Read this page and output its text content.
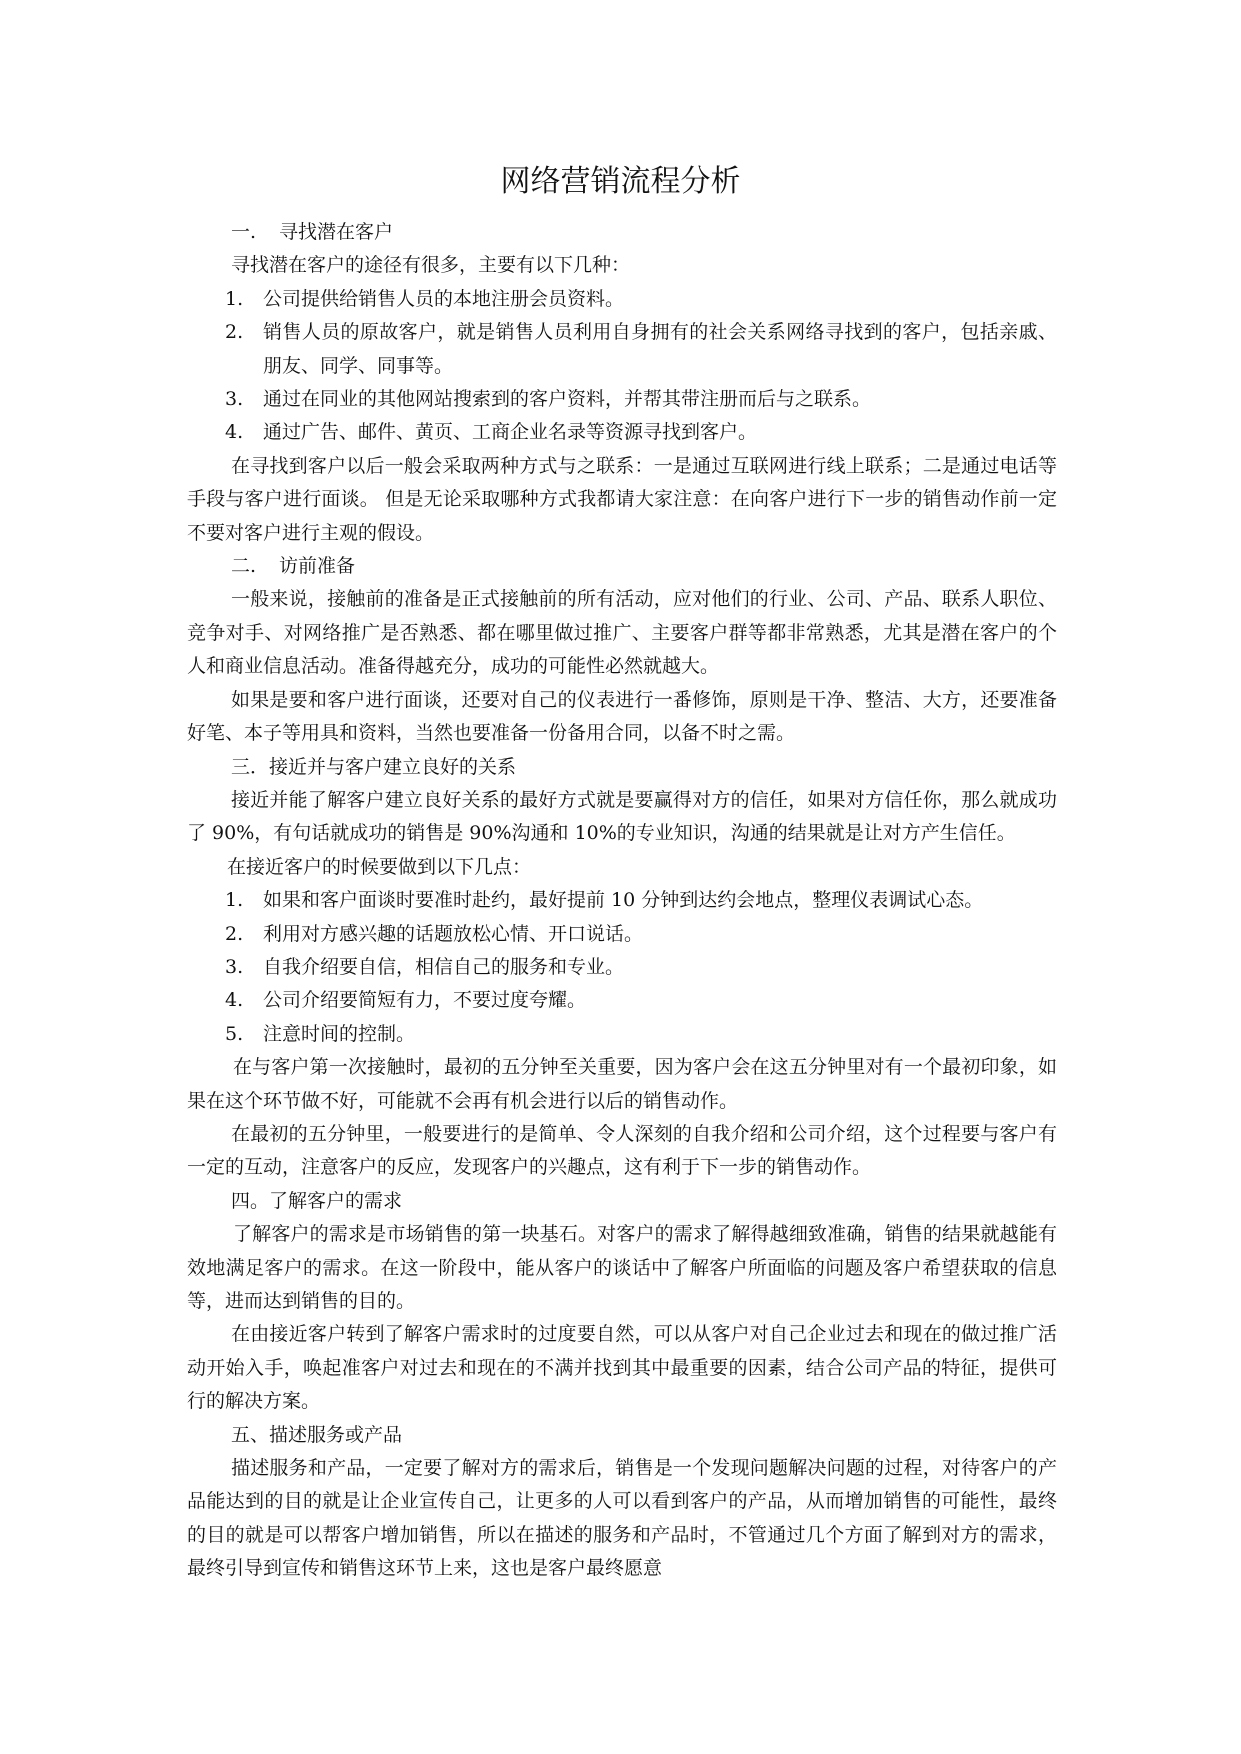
网络营销流程分析

一. 寻找潜在客户

寻找潜在客户的途径有很多，主要有以下几种：

1.	公司提供给销售人员的本地注册会员资料。
2.	销售人员的原故客户，就是销售人员利用自身拥有的社会关系网络寻找到的客户，包括亲戚、朋友、同学、同事等。
3.	通过在同业的其他网站搜索到的客户资料，并帮其带注册而后与之联系。
4.	通过广告、邮件、黄页、工商企业名录等资源寻找到客户。

在寻找到客户以后一般会采取两种方式与之联系：一是通过互联网进行线上联系；二是通过电话等手段与客户进行面谈。 但是无论采取哪种方式我都请大家注意：在向客户进行下一步的销售动作前一定不要对客户进行主观的假设。

二. 访前准备

一般来说，接触前的准备是正式接触前的所有活动，应对他们的行业、公司、产品、联系人职位、竞争对手、对网络推广是否熟悉、都在哪里做过推广、主要客户群等都非常熟悉，尤其是潜在客户的个人和商业信息活动。准备得越充分，成功的可能性必然就越大。

如果是要和客户进行面谈，还要对自己的仪表进行一番修饰，原则是干净、整洁、大方，还要准备好笔、本子等用具和资料，当然也要准备一份备用合同，以备不时之需。

三．接近并与客户建立良好的关系

接近并能了解客户建立良好关系的最好方式就是要赢得对方的信任，如果对方信任你，那么就成功了 90%，有句话就成功的销售是 90%沟通和 10%的专业知识，沟通的结果就是让对方产生信任。

在接近客户的时候要做到以下几点：

1.	如果和客户面谈时要准时赴约，最好提前 10 分钟到达约会地点，整理仪表调试心态。
2.	利用对方感兴趣的话题放松心情、开口说话。
3.	自我介绍要自信，相信自己的服务和专业。
4.	公司介绍要简短有力，不要过度夸耀。
5.	注意时间的控制。

在与客户第一次接触时，最初的五分钟至关重要，因为客户会在这五分钟里对有一个最初印象，如果在这个环节做不好，可能就不会再有机会进行以后的销售动作。

在最初的五分钟里，一般要进行的是简单、令人深刻的自我介绍和公司介绍，这个过程要与客户有一定的互动，注意客户的反应，发现客户的兴趣点，这有利于下一步的销售动作。

四。了解客户的需求

了解客户的需求是市场销售的第一块基石。对客户的需求了解得越细致准确，销售的结果就越能有效地满足客户的需求。在这一阶段中，能从客户的谈话中了解客户所面临的问题及客户希望获取的信息等，进而达到销售的目的。

在由接近客户转到了解客户需求时的过度要自然，可以从客户对自己企业过去和现在的做过推广活动开始入手，唤起准客户对过去和现在的不满并找到其中最重要的因素，结合公司产品的特征，提供可行的解决方案。

五、描述服务或产品

描述服务和产品，一定要了解对方的需求后，销售是一个发现问题解决问题的过程，对待客户的产品能达到的目的就是让企业宣传自己，让更多的人可以看到客户的产品，从而增加销售的可能性，最终的目的就是可以帮客户增加销售，所以在描述的服务和产品时，不管通过几个方面了解到对方的需求，最终引导到宣传和销售这环节上来，这也是客户最终愿意
